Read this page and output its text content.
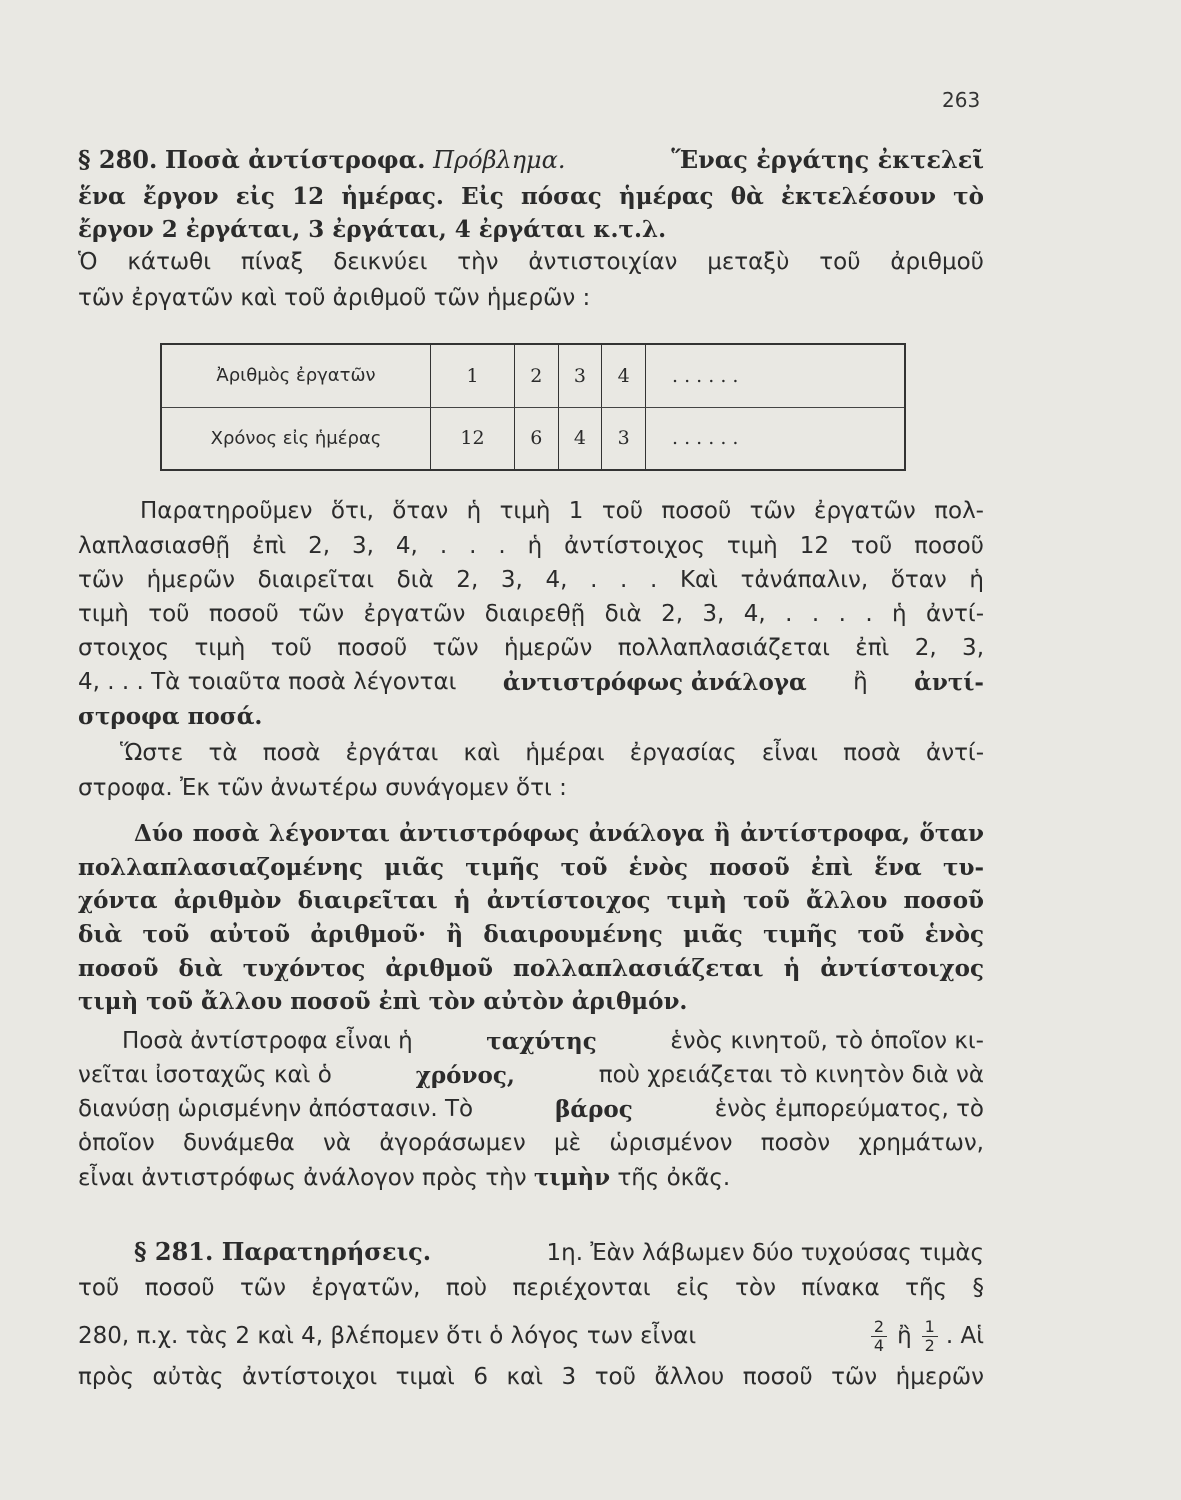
263
§ 280. Ποσὰ ἀντίστροφα. Πρόβλημα.	Ἕνας ἐργάτης ἐκτελεῖ
ἕνα ἔργον εἰς 12 ἡμέρας. Εἰς πόσας ἡμέρας θὰ ἐκτελέσουν τὸ
ἔργον 2 ἐργάται, 3 ἐργάται, 4 ἐργάται κ.τ.λ.
Ὁ κάτωθι πίναξ δεικνύει τὴν ἀντιστοιχίαν μεταξὺ τοῦ ἀριθμοῦ
τῶν ἐργατῶν καὶ τοῦ ἀριθμοῦ τῶν ἡμερῶν :
Ἀριθμὸς ἐργατῶν	1	2	3	4	. . . . . .
Χρόνος εἰς ἡμέρας	12	6	4	3	. . . . . .
Παρατηροῦμεν ὅτι, ὅταν ἡ τιμὴ 1 τοῦ ποσοῦ τῶν ἐργατῶν πολ-
λαπλασιασθῇ ἐπὶ 2, 3, 4, . . . ἡ ἀντίστοιχος τιμὴ 12 τοῦ ποσοῦ
τῶν ἡμερῶν διαιρεῖται διὰ 2, 3, 4, . . . Καὶ τἀνάπαλιν, ὅταν ἡ
τιμὴ τοῦ ποσοῦ τῶν ἐργατῶν διαιρεθῇ διὰ 2, 3, 4, . . . . ἡ ἀντί-
στοιχος τιμὴ τοῦ ποσοῦ τῶν ἡμερῶν πολλαπλασιάζεται ἐπὶ 2, 3,
4, . . . Τὰ τοιαῦτα ποσὰ λέγονται ἀντιστρόφως ἀνάλογα ἢ ἀντί-
στροφα ποσά.
Ὥστε τὰ ποσὰ ἐργάται καὶ ἡμέραι ἐργασίας εἶναι ποσὰ ἀντί-
στροφα. Ἐκ τῶν ἀνωτέρω συνάγομεν ὅτι :
Δύο ποσὰ λέγονται ἀντιστρόφως ἀνάλογα ἢ ἀντίστροφα, ὅταν
πολλαπλασιαζομένης μιᾶς τιμῆς τοῦ ἑνὸς ποσοῦ ἐπὶ ἕνα τυ-
χόντα ἀριθμὸν διαιρεῖται ἡ ἀντίστοιχος τιμὴ τοῦ ἄλλου ποσοῦ
διὰ τοῦ αὐτοῦ ἀριθμοῦ· ἢ διαιρουμένης μιᾶς τιμῆς τοῦ ἑνὸς
ποσοῦ διὰ τυχόντος ἀριθμοῦ πολλαπλασιάζεται ἡ ἀντίστοιχος
τιμὴ τοῦ ἄλλου ποσοῦ ἐπὶ τὸν αὐτὸν ἀριθμόν.
Ποσὰ ἀντίστροφα εἶναι ἡ	ταχύτης	ἑνὸς κινητοῦ, τὸ ὁποῖον κι-
νεῖται ἰσοταχῶς καὶ ὁ	χρόνος,	ποὺ χρειάζεται τὸ κινητὸν διὰ νὰ
διανύσῃ ὡρισμένην ἀπόστασιν. Τὸ	βάρος	ἑνὸς ἐμπορεύματος, τὸ
ὁποῖον δυνάμεθα νὰ ἀγοράσωμεν μὲ ὡρισμένον ποσὸν χρημάτων,
εἶναι ἀντιστρόφως ἀνάλογον πρὸς τὴν τιμὴν τῆς ὀκᾶς.
§ 281. Παρατηρήσεις.	1η. Ἐὰν λάβωμεν δύο τυχούσας τιμὰς
τοῦ ποσοῦ τῶν ἐργατῶν, ποὺ περιέχονται εἰς τὸν πίνακα τῆς §
280, π.χ. τὰς 2 καὶ 4, βλέπομεν ὅτι ὁ λόγος των εἶναι	$\frac{2}{4}$ ἢ $\frac{1}{2}$ . Αἱ
πρὸς αὐτὰς ἀντίστοιχοι τιμαὶ 6 καὶ 3 τοῦ ἄλλου ποσοῦ τῶν ἡμερῶν
